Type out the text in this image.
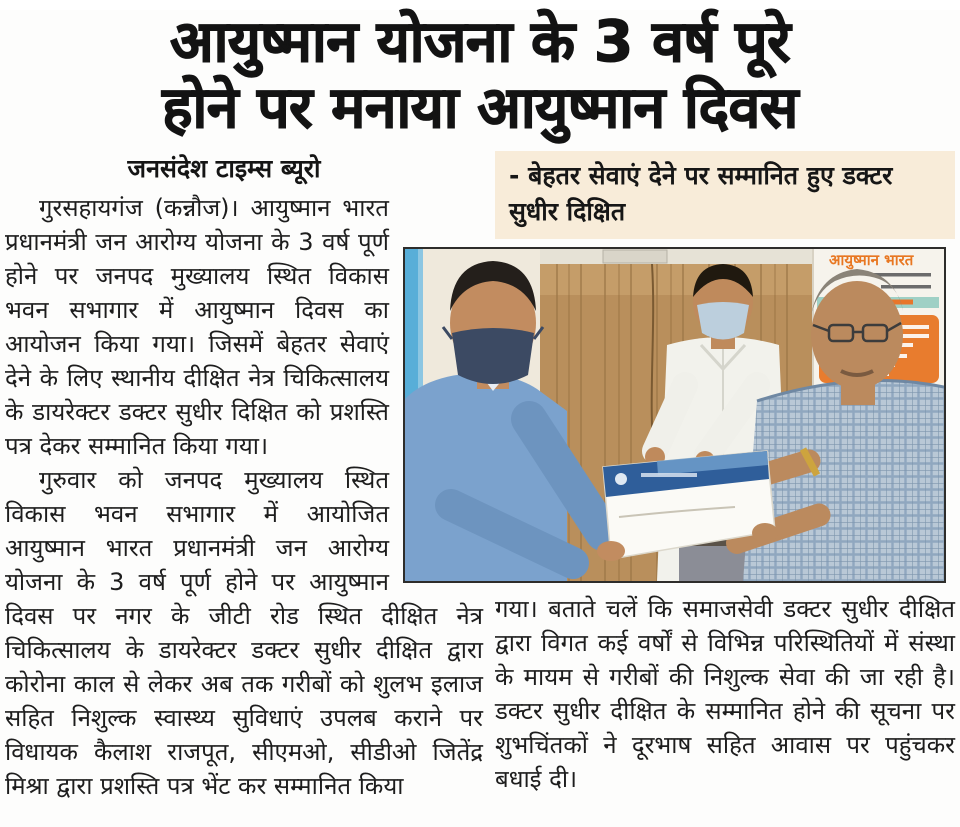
आयुष्मान योजना के 3 वर्ष पूरे
होने पर मनाया आयुष्मान दिवस
जनसंदेश टाइम्स ब्यूरो

गुरसहायगंज (कन्नौज)। आयुष्मान भारत प्रधानमंत्री जन आरोग्य योजना के 3 वर्ष पूर्ण होने पर जनपद मुख्यालय स्थित विकास भवन सभागार में आयुष्मान दिवस का आयोजन किया गया। जिसमें बेहतर सेवाएं देने के लिए स्थानीय दीक्षित नेत्र चिकित्सालय के डायरेक्टर डक्टर सुधीर दिक्षित को प्रशस्ति पत्र देकर सम्मानित किया गया।

गुरुवार को जनपद मुख्यालय स्थित विकास भवन सभागार में आयोजित आयुष्मान भारत प्रधानमंत्री जन आरोग्य योजना के 3 वर्ष पूर्ण होने पर आयुष्मान दिवस पर नगर के जीटी रोड स्थित दीक्षित नेत्र चिकित्सालय के डायरेक्टर डक्टर सुधीर दीक्षित द्वारा कोरोना काल से लेकर अब तक गरीबों को शुलभ इलाज सहित निशुल्क स्वास्थ्य सुविधाएं उपलब कराने पर विधायक कैलाश राजपूत, सीएमओ, सीडीओ जितेंद्र मिश्रा द्वारा प्रशस्ति पत्र भेंट कर सम्मानित किया

- बेहतर सेवाएं देने पर सम्मानित हुए डक्टर सुधीर दिक्षित
आयुष्मान भारत

गया। बताते चलें कि समाजसेवी डक्टर सुधीर दीक्षित द्वारा विगत कई वर्षों से विभिन्न परिस्थितियों में संस्था के मायम से गरीबों की निशुल्क सेवा की जा रही है। डक्टर सुधीर दीक्षित के सम्मानित होने की सूचना पर शुभचिंतकों ने दूरभाष सहित आवास पर पहुंचकर बधाई दी।
